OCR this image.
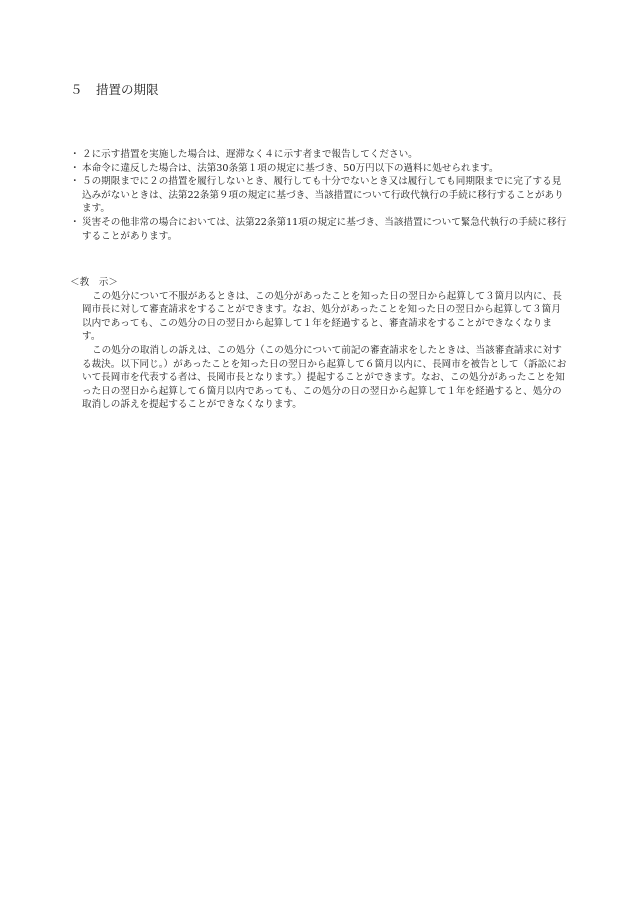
５ 措置の期限
・ ２に示す措置を実施した場合は、遅滞なく４に示す者まで報告してください。
・ 本命令に違反した場合は、法第30条第１項の規定に基づき、50万円以下の過料に処せられます。
・ ５の期限までに２の措置を履行しないとき、履行しても十分でないとき又は履行しても同期限までに完了する見込みがないときは、法第22条第９項の規定に基づき、当該措置について行政代執行の手続に移行することがあります。
・ 災害その他非常の場合においては、法第22条第11項の規定に基づき、当該措置について緊急代執行の手続に移行することがあります。
＜教　示＞

この処分について不服があるときは、この処分があったことを知った日の翌日から起算して３箇月以内に、長岡市長に対して審査請求をすることができます。なお、処分があったことを知った日の翌日から起算して３箇月以内であっても、この処分の日の翌日から起算して１年を経過すると、審査請求をすることができなくなります。

この処分の取消しの訴えは、この処分（この処分について前記の審査請求をしたときは、当該審査請求に対する裁決。以下同じ。）があったことを知った日の翌日から起算して６箇月以内に、長岡市を被告として（訴訟において長岡市を代表する者は、長岡市長となります。）提起することができます。なお、この処分があったことを知った日の翌日から起算して６箇月以内であっても、この処分の日の翌日から起算して１年を経過すると、処分の取消しの訴えを提起することができなくなります。
